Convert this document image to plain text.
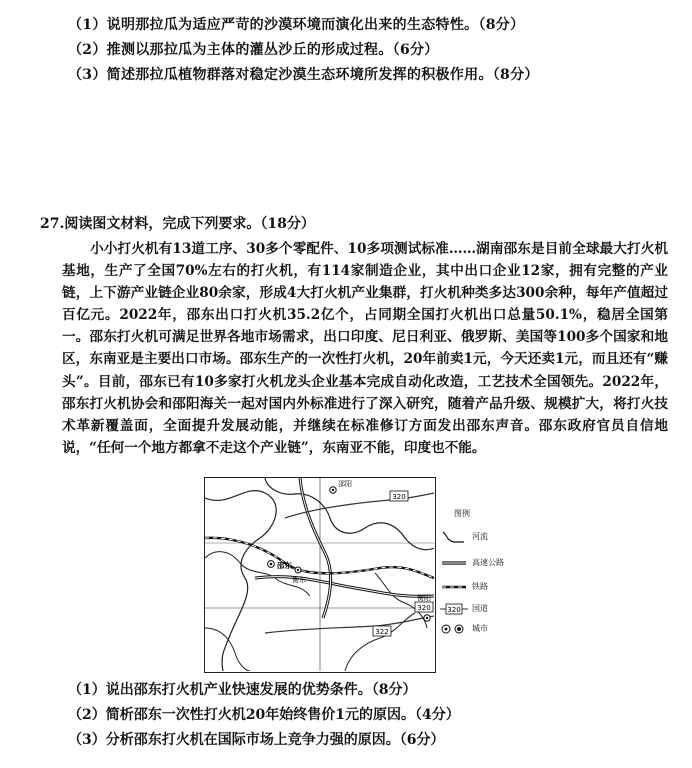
（1）说明那拉瓜为适应严苛的沙漠环境而演化出来的生态特性。（8分）
（2）推测以那拉瓜为主体的灌丛沙丘的形成过程。（6分）
（3）简述那拉瓜植物群落对稳定沙漠生态环境所发挥的积极作用。（8分）
27.阅读图文材料，完成下列要求。（18分）
小小打火机有13道工序、30多个零配件、10多项测试标准……湖南邵东是目前全球最大打火机基地，生产了全国70%左右的打火机，有114家制造企业，其中出口企业12家，拥有完整的产业链，上下游产业链企业80余家，形成4大打火机产业集群，打火机种类多达300余种，每年产值超过百亿元。2022年，邵东出口打火机35.2亿个，占同期全国打火机出口总量50.1%，稳居全国第一。邵东打火机可满足世界各地市场需求，出口印度、尼日利亚、俄罗斯、美国等100多个国家和地区，东南亚是主要出口市场。邵东生产的一次性打火机，20年前卖1元，今天还卖1元，而且还有“赚头”。目前，邵东已有10多家打火机龙头企业基本完成自动化改造，工艺技术全国领先。2022年，邵东打火机协会和邵阳海关一起对国内外标准进行了深入研究，随着产品升级、规模扩大，将打火技术革新覆盖面，全面提升发展动能，并继续在标准修订方面发出邵东声音。邵东政府官员自信地说，“任何一个地方都拿不走这个产业链”，东南亚不能，印度也不能。
320
320
322
邵阳
邵东
衡东
衡阳
图例
河流
高速公路
铁路
320 国道
城市
（1）说出邵东打火机产业快速发展的优势条件。（8分）
（2）简析邵东一次性打火机20年始终售价1元的原因。（4分）
（3）分析邵东打火机在国际市场上竞争力强的原因。（6分）
